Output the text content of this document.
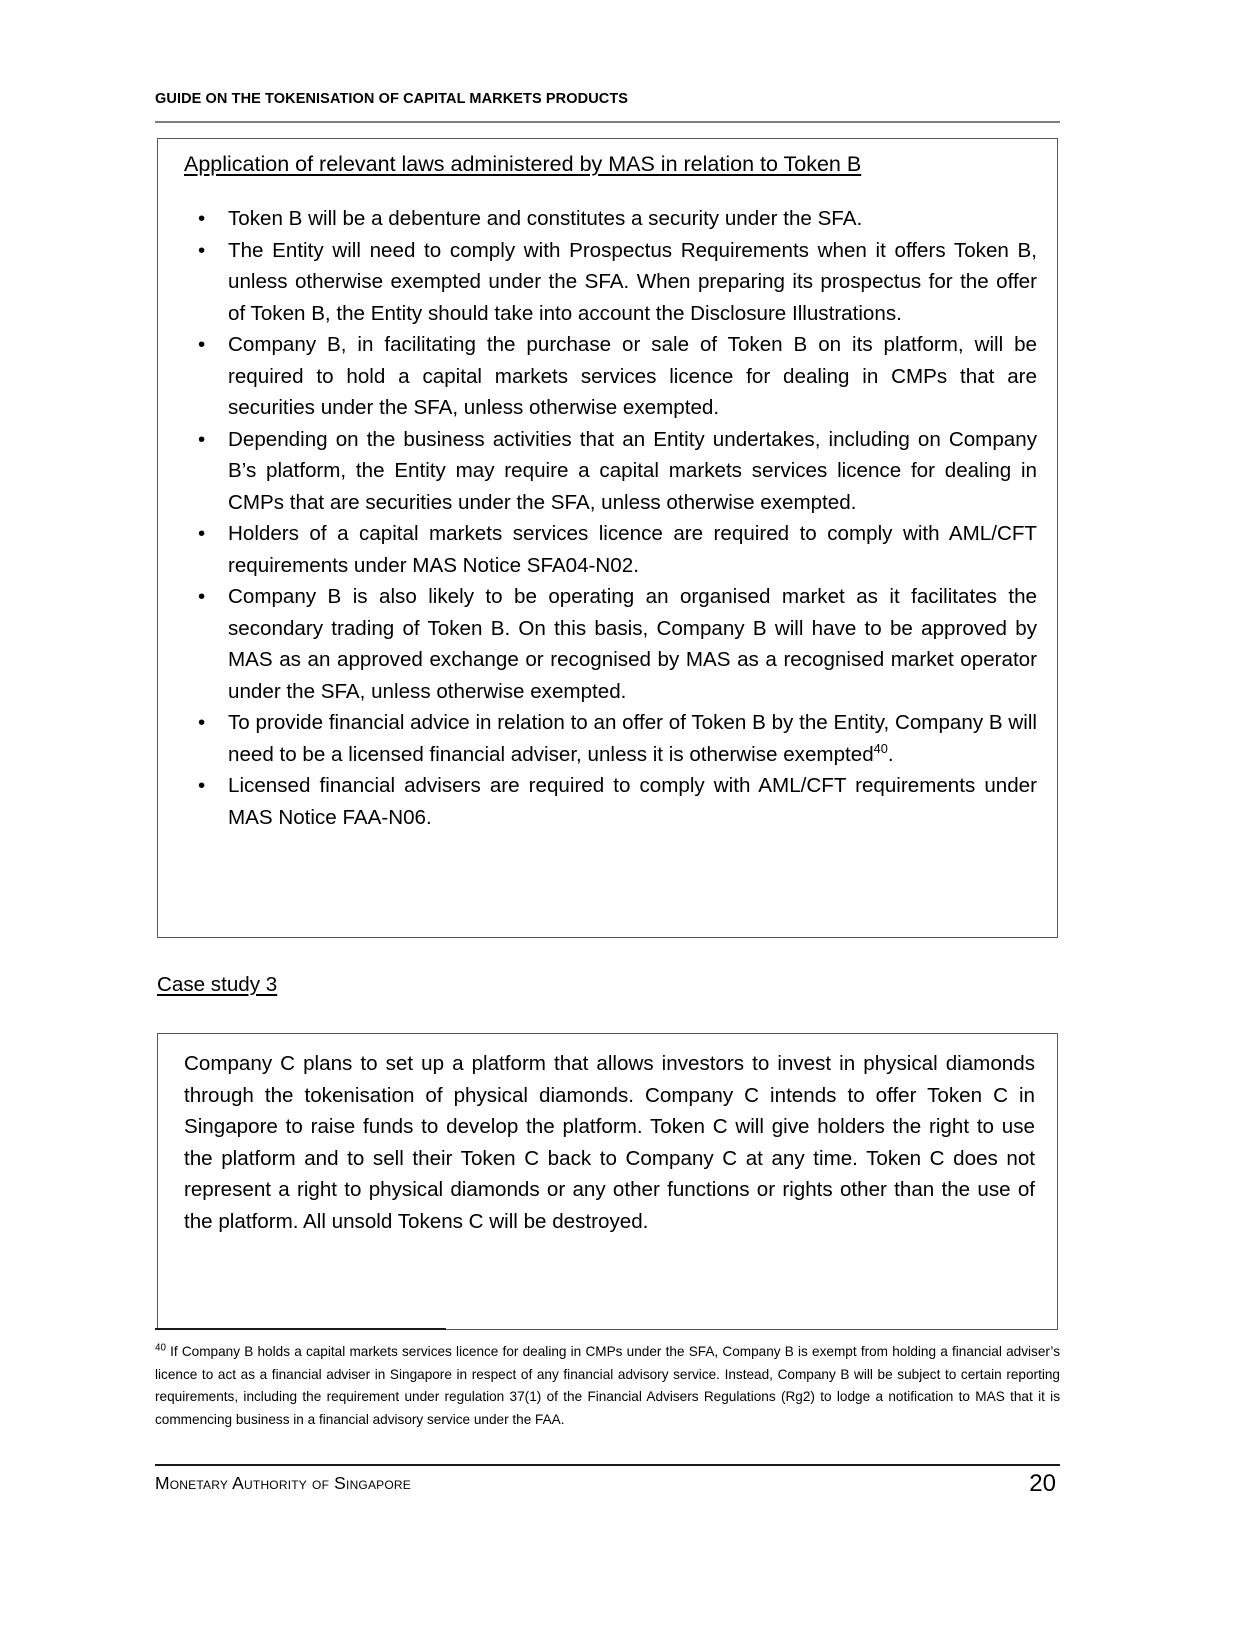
GUIDE ON THE TOKENISATION OF CAPITAL MARKETS PRODUCTS
Application of relevant laws administered by MAS in relation to Token B
• Token B will be a debenture and constitutes a security under the SFA.
• The Entity will need to comply with Prospectus Requirements when it offers Token B, unless otherwise exempted under the SFA. When preparing its prospectus for the offer of Token B, the Entity should take into account the Disclosure Illustrations.
• Company B, in facilitating the purchase or sale of Token B on its platform, will be required to hold a capital markets services licence for dealing in CMPs that are securities under the SFA, unless otherwise exempted.
• Depending on the business activities that an Entity undertakes, including on Company B’s platform, the Entity may require a capital markets services licence for dealing in CMPs that are securities under the SFA, unless otherwise exempted.
• Holders of a capital markets services licence are required to comply with AML/CFT requirements under MAS Notice SFA04-N02.
• Company B is also likely to be operating an organised market as it facilitates the secondary trading of Token B. On this basis, Company B will have to be approved by MAS as an approved exchange or recognised by MAS as a recognised market operator under the SFA, unless otherwise exempted.
• To provide financial advice in relation to an offer of Token B by the Entity, Company B will need to be a licensed financial adviser, unless it is otherwise exempted$^{40}$.
• Licensed financial advisers are required to comply with AML/CFT requirements under MAS Notice FAA-N06.
Case study 3

Company C plans to set up a platform that allows investors to invest in physical diamonds through the tokenisation of physical diamonds. Company C intends to offer Token C in Singapore to raise funds to develop the platform. Token C will give holders the right to use the platform and to sell their Token C back to Company C at any time. Token C does not represent a right to physical diamonds or any other functions or rights other than the use of the platform. All unsold Tokens C will be destroyed.

$^{40}$ If Company B holds a capital markets services licence for dealing in CMPs under the SFA, Company B is exempt from holding a financial adviser’s licence to act as a financial adviser in Singapore in respect of any financial advisory service. Instead, Company B will be subject to certain reporting requirements, including the requirement under regulation 37(1) of the Financial Advisers Regulations (Rg2) to lodge a notification to MAS that it is commencing business in a financial advisory service under the FAA.
Monetary Authority of Singapore	20
